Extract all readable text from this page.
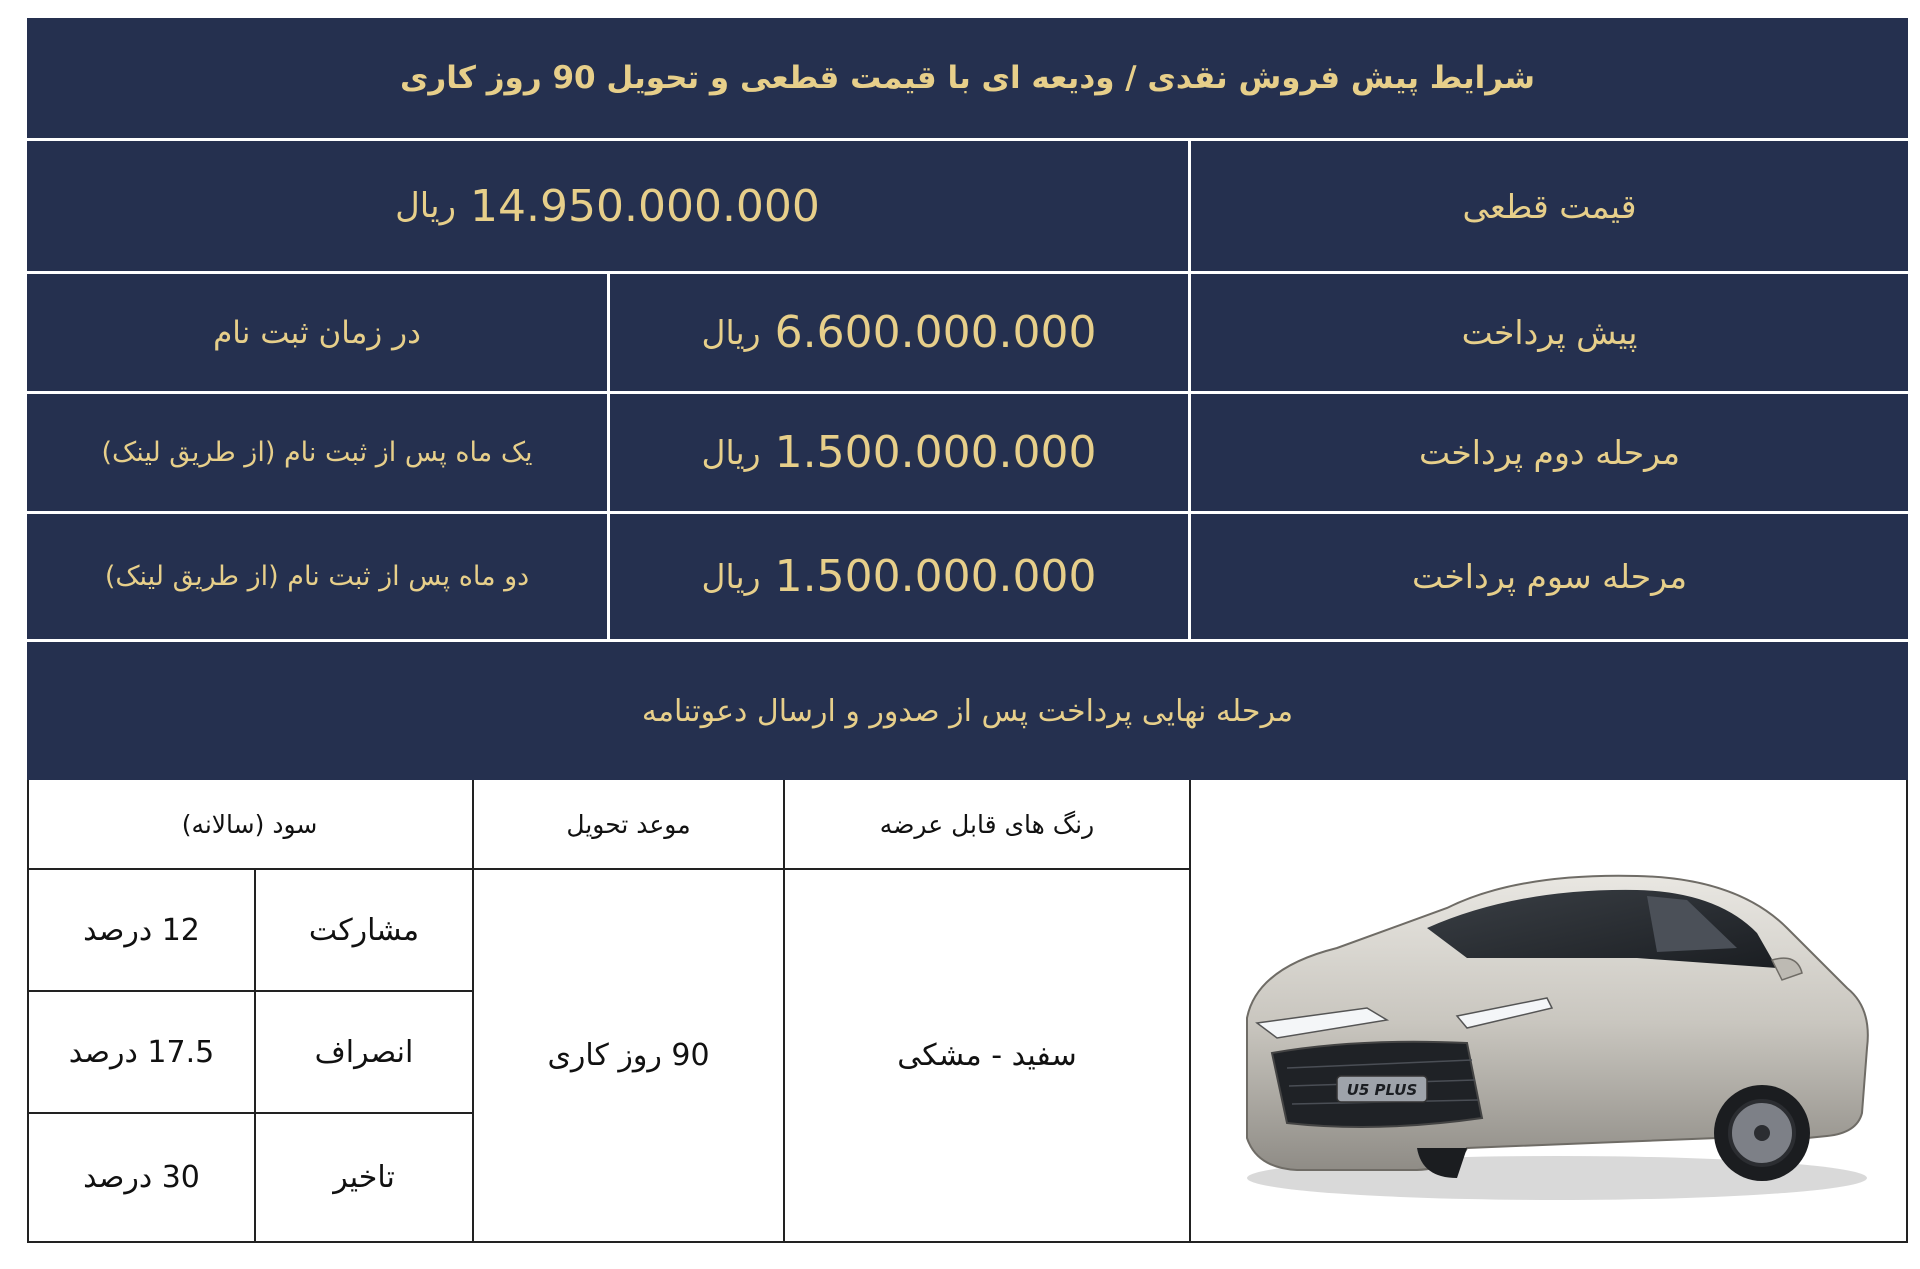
شرایط پیش فروش نقدی / ودیعه ای با قیمت قطعی و تحویل 90 روز کاری
قیمت قطعی
ریال
14.950.000.000
پیش پرداخت
ریال
6.600.000.000
در زمان ثبت نام
مرحله دوم پرداخت
ریال
1.500.000.000
یک ماه پس از ثبت نام (از طریق لینک)
مرحله سوم پرداخت
ریال
1.500.000.000
دو ماه پس از ثبت نام (از طریق لینک)
مرحله نهایی پرداخت پس از صدور و ارسال دعوتنامه
رنگ های قابل عرضه
موعد تحویل
سود (سالانه)
سفید - مشکی
90 روز کاری
مشارکت
12 درصد
انصراف
17.5 درصد
تاخیر
30 درصد
U5 PLUS
